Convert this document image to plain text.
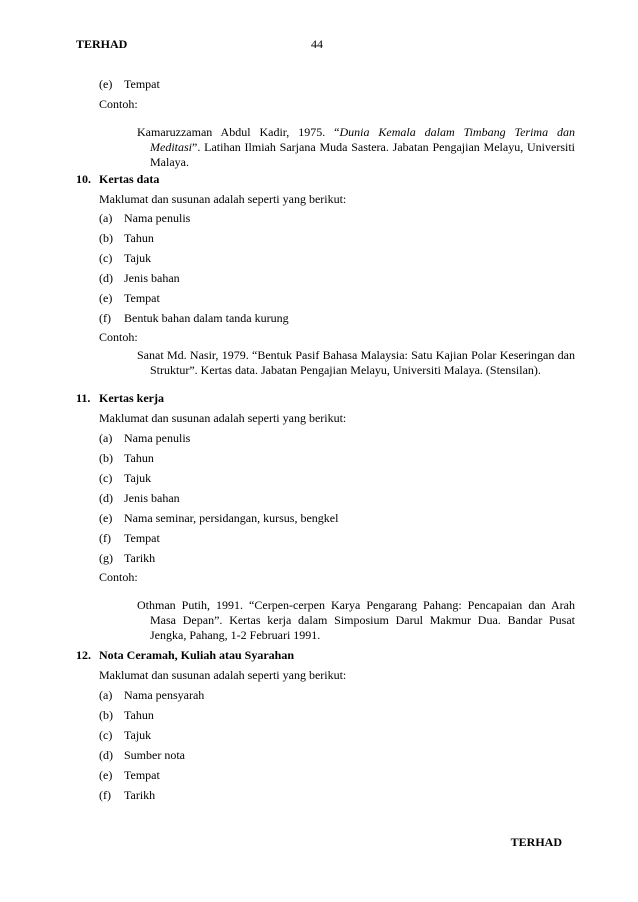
TERHAD	44
(e) Tempat
Contoh:
Kamaruzzaman Abdul Kadir, 1975. “Dunia Kemala dalam Timbang Terima dan Meditasi”. Latihan Ilmiah Sarjana Muda Sastera. Jabatan Pengajian Melayu, Universiti Malaya.
10. Kertas data
Maklumat dan susunan adalah seperti yang berikut:
(a) Nama penulis
(b) Tahun
(c) Tajuk
(d) Jenis bahan
(e) Tempat
(f) Bentuk bahan dalam tanda kurung
Contoh:
Sanat Md. Nasir, 1979. “Bentuk Pasif Bahasa Malaysia: Satu Kajian Polar Keseringan dan Struktur”. Kertas data. Jabatan Pengajian Melayu, Universiti Malaya. (Stensilan).
11. Kertas kerja
Maklumat dan susunan adalah seperti yang berikut:
(a) Nama penulis
(b) Tahun
(c) Tajuk
(d) Jenis bahan
(e) Nama seminar, persidangan, kursus, bengkel
(f) Tempat
(g) Tarikh
Contoh:
Othman Putih, 1991. “Cerpen-cerpen Karya Pengarang Pahang: Pencapaian dan Arah Masa Depan”. Kertas kerja dalam Simposium Darul Makmur Dua. Bandar Pusat Jengka, Pahang, 1-2 Februari 1991.
12. Nota Ceramah, Kuliah atau Syarahan
Maklumat dan susunan adalah seperti yang berikut:
(a) Nama pensyarah
(b) Tahun
(c) Tajuk
(d) Sumber nota
(e) Tempat
(f) Tarikh
TERHAD
